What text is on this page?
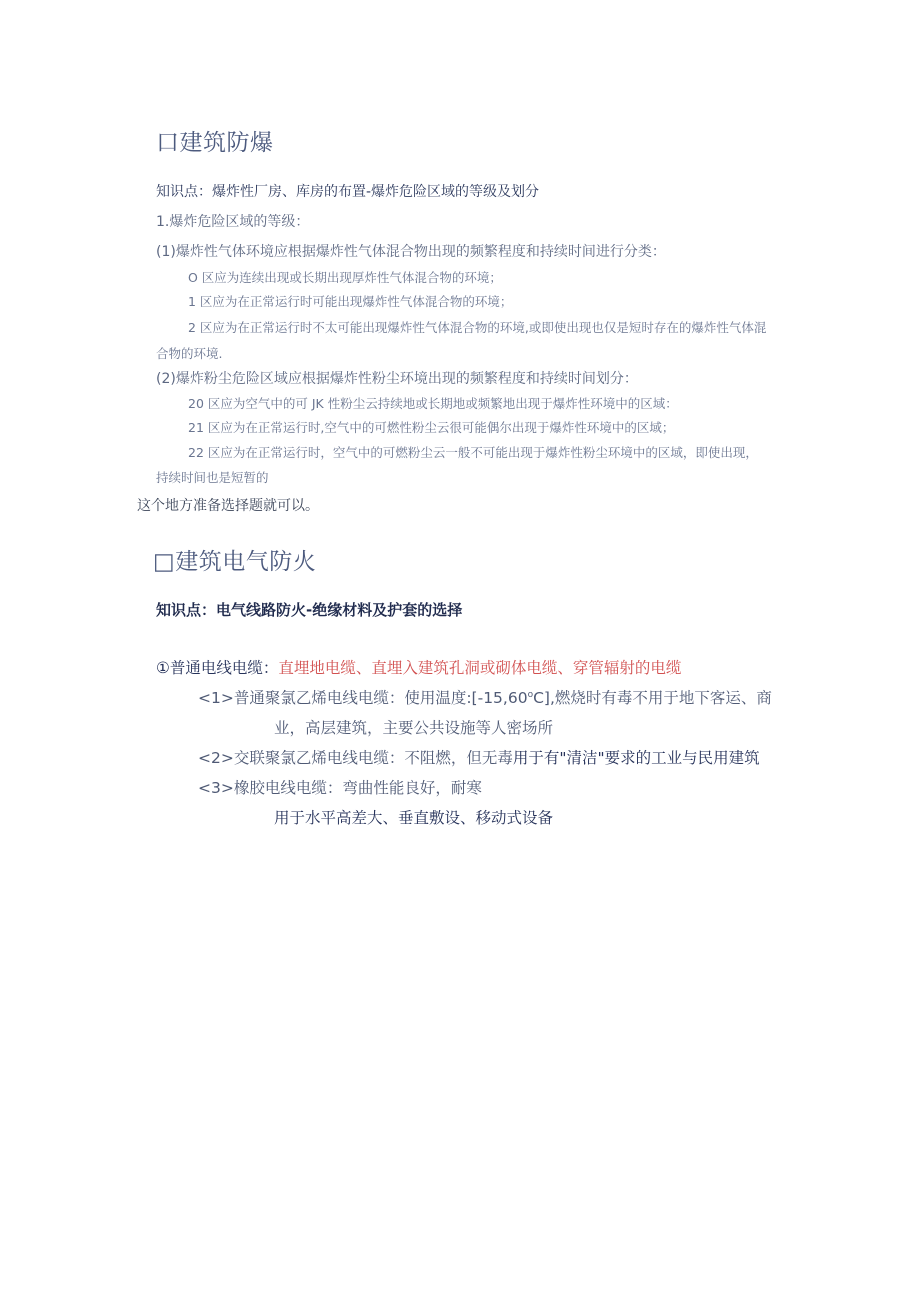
口建筑防爆
知识点：爆炸性厂房、库房的布置-爆炸危险区域的等级及划分
1.爆炸危险区域的等级：
(1)爆炸性气体环境应根据爆炸性气体混合物出现的频繁程度和持续时间进行分类：
O 区应为连续出现或长期出现厚炸性气体混合物的环境；
1 区应为在正常运行时可能出现爆炸性气体混合物的环境；
2 区应为在正常运行时不太可能出现爆炸性气体混合物的环境,或即使出现也仅是短时存在的爆炸性气体混
合物的环境.
(2)爆炸粉尘危险区域应根据爆炸性粉尘环境出现的频繁程度和持续时间划分：
20 区应为空气中的可 JK 性粉尘云持续地或长期地或频繁地出现于爆炸性环境中的区域：
21 区应为在正常运行时,空气中的可燃性粉尘云很可能偶尔出现于爆炸性环境中的区域；
22 区应为在正常运行时，空气中的可燃粉尘云一般不可能出现于爆炸性粉尘环境中的区域，即使出现，
持续时间也是短暂的
这个地方准备选择题就可以。
□建筑电气防火
知识点：电气线路防火-绝缘材料及护套的选择
①普通电线电缆：直埋地电缆、直埋入建筑孔洞或砌体电缆、穿管辐射的电缆
<1>普通聚氯乙烯电线电缆：使用温度:[-15,60$^o$C],燃烧时有毒不用于地下客运、商
业，高层建筑，主要公共设施等人密场所
<2>交联聚氯乙烯电线电缆：不阻燃，但无毒用于有"清洁"要求的工业与民用建筑
<3>橡胶电线电缆：弯曲性能良好，耐寒
用于水平高差大、垂直敷设、移动式设备
